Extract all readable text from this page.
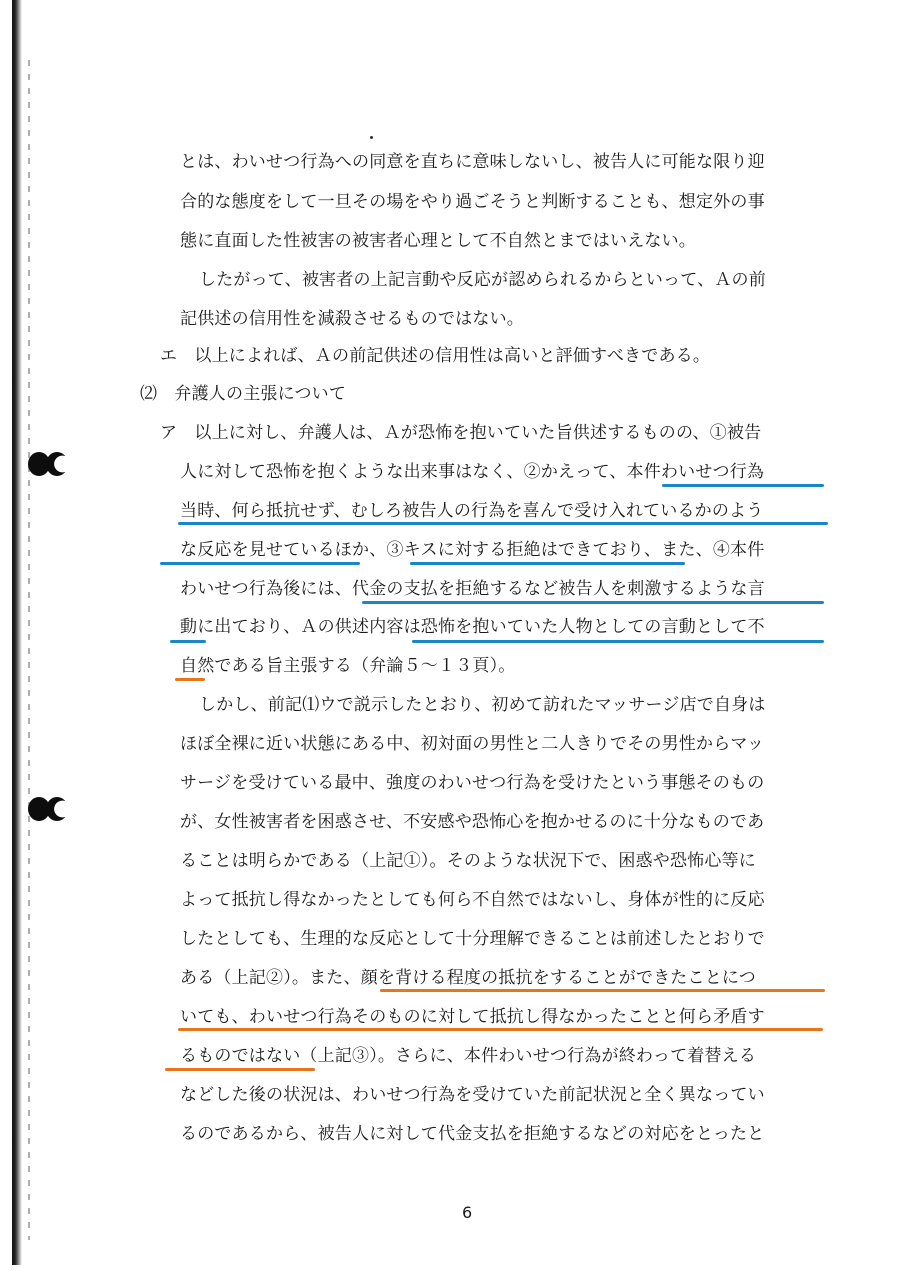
とは、わいせつ行為への同意を直ちに意味しないし、被告人に可能な限り迎
合的な態度をして一旦その場をやり過ごそうと判断することも、想定外の事
態に直面した性被害の被害者心理として不自然とまではいえない。
したがって、被害者の上記言動や反応が認められるからといって、Ａの前
記供述の信用性を減殺させるものではない。
エ　以上によれば、Ａの前記供述の信用性は高いと評価すべきである。
⑵　弁護人の主張について
ア　以上に対し、弁護人は、Ａが恐怖を抱いていた旨供述するものの、①被告
人に対して恐怖を抱くような出来事はなく、②かえって、本件わいせつ行為
当時、何ら抵抗せず、むしろ被告人の行為を喜んで受け入れているかのよう
な反応を見せているほか、③キスに対する拒絶はできており、また、④本件
わいせつ行為後には、代金の支払を拒絶するなど被告人を刺激するような言
動に出ており、Ａの供述内容は恐怖を抱いていた人物としての言動として不
自然である旨主張する（弁論５～１３頁）。
しかし、前記⑴ウで説示したとおり、初めて訪れたマッサージ店で自身は
ほぼ全裸に近い状態にある中、初対面の男性と二人きりでその男性からマッ
サージを受けている最中、強度のわいせつ行為を受けたという事態そのもの
が、女性被害者を困惑させ、不安感や恐怖心を抱かせるのに十分なものであ
ることは明らかである（上記①）。そのような状況下で、困惑や恐怖心等に
よって抵抗し得なかったとしても何ら不自然ではないし、身体が性的に反応
したとしても、生理的な反応として十分理解できることは前述したとおりで
ある（上記②）。また、顔を背ける程度の抵抗をすることができたことにつ
いても、わいせつ行為そのものに対して抵抗し得なかったことと何ら矛盾す
るものではない（上記③）。さらに、本件わいせつ行為が終わって着替える
などした後の状況は、わいせつ行為を受けていた前記状況と全く異なってい
るのであるから、被告人に対して代金支払を拒絶するなどの対応をとったと
6
